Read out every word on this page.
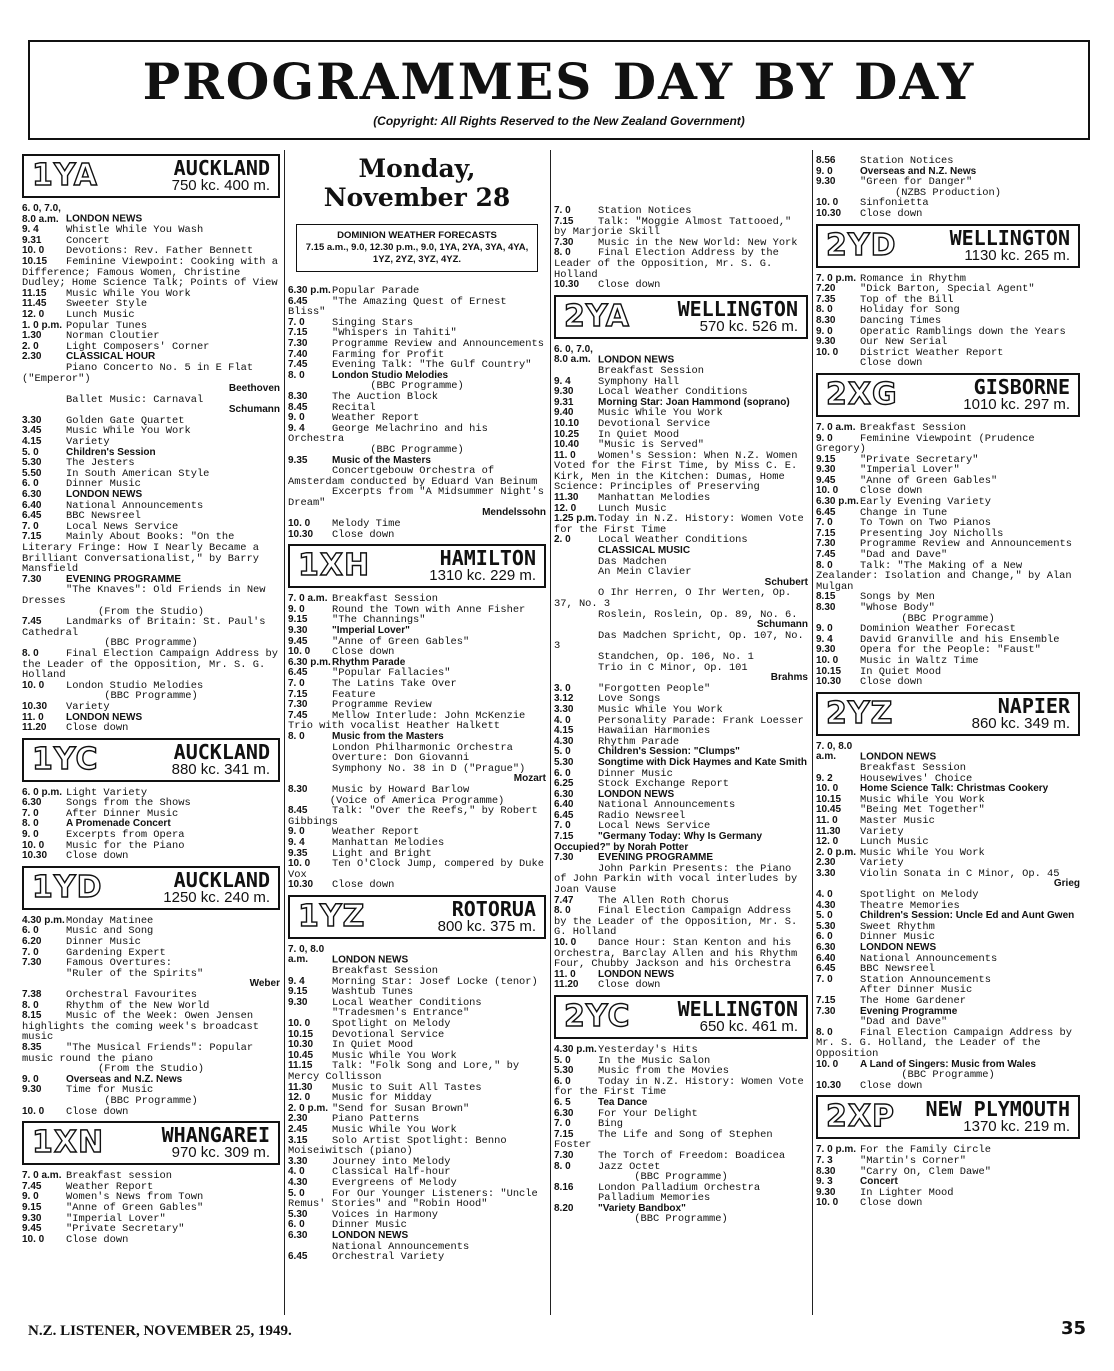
PROGRAMMES DAY BY DAY
(Copyright: All Rights Reserved to the New Zealand Government)
1YA	AUCKLAND
750 kc. 400 m.
6. 0, 7.0, 8.0 a.m. LONDON NEWS
9. 4	Whistle While You Wash
9.31 Concert
10. 0 Devotions: Rev. Father Bennett
10.15 Feminine Viewpoint: Cooking with a Difference; Famous Women, Christine Dudley; Home Science Talk; Points of View
11.15 Music While You Work
11.45 Sweeter Style
12. 0 Lunch Music
1. 0 p.m. Popular Tunes
1.30 Norman Cloutier
2. 0	Light Composers' Corner
2.30 CLASSICAL HOUR
Piano Concerto No. 5 in E Flat ("Emperor")
Beethoven
Ballet Music: Carnaval
Schumann
3.30 Golden Gate Quartet
3.45 Music While You Work
4.15 Variety
5. 0	Children's Session
5.30 The Jesters
5.50 In South American Style
6. 0	Dinner Music
6.30 LONDON NEWS
6.40 National Announcements
6.45 BBC Newsreel
7. 0	Local News Service
7.15 Mainly About Books: "On the Literary Fringe: How I Nearly Became a Brilliant Conversationalist," by Barry Mansfield
7.30 EVENING PROGRAMME
"The Knaves": Old Friends in New Dresses
(From the Studio)
7.45 Landmarks of Britain: St. Paul's Cathedral
(BBC Programme)
8. 0	Final Election Campaign Address by the Leader of the Opposition, Mr. S. G. Holland
10. 0 London Studio Melodies
(BBC Programme)
10.30 Variety
11. 0 LONDON NEWS
11.20 Close down
1YC	AUCKLAND
880 kc. 341 m.
6. 0 p.m. Light Variety
6.30 Songs from the Shows
7. 0	After Dinner Music
8. 0	A Promenade Concert
9. 0	Excerpts from Opera
10. 0 Music for the Piano
10.30 Close down
1YD	AUCKLAND
1250 kc. 240 m.
4.30 p.m.Monday Matinee
6. 0	Music and Song
6.20 Dinner Music
7. 0	Gardening Expert
7.30 Famous Overtures:
"Ruler of the Spirits"
Weber
7.38 Orchestral Favourites
8. 0	Rhythm of the New World
8.15 Music of the Week: Owen Jensen highlights the coming week's broadcast music
8.35 "The Musical Friends": Popular music round the piano
(From the Studio)
9. 0	Overseas and N.Z. News
9.30 Time for Music
(BBC Programme)
10. 0 Close down
1XN	WHANGAREI
970 kc. 309 m.
7. 0 a.m. Breakfast session
7.45 Weather Report
9. 0	Women's News from Town
9.15 "Anne of Green Gables"
9.30 "Imperial Lover"
9.45 "Private Secretary"
10. 0 Close down
Monday, November 28
DOMINION WEATHER FORECASTS
7.15 a.m., 9.0, 12.30 p.m., 9.0, 1YA, 2YA, 3YA, 4YA, 1YZ, 2YZ, 3YZ, 4YZ.
6.30 p.m.Popular Parade
6.45 "The Amazing Quest of Ernest Bliss"
7. 0	Singing Stars
7.15 "Whispers in Tahiti"
7.30 Programme Review and Announcements
7.40 Farming for Profit
7.45 Evening Talk: "The Gulf Country"
8. 0	London Studio Melodies
(BBC Programme)
8.30 The Auction Block
8.45 Recital
9. 0	Weather Report
9. 4	George Melachrino and his Orchestra
(BBC Programme)
9.35 Music of the Masters
Concertgebouw Orchestra of Amsterdam conducted by Eduard Van Beinum
Excerpts from "A Midsummer Night's Dream"
Mendelssohn
10. 0 Melody Time
10.30 Close down
1XH	HAMILTON
1310 kc. 229 m.
7. 0 a.m. Breakfast Session
9. 0	Round the Town with Anne Fisher
9.15 "The Channings"
9.30 "Imperial Lover"
9.45 "Anne of Green Gables"
10. 0 Close down
6.30 p.m.Rhythm Parade
6.45 "Popular Fallacies"
7. 0	The Latins Take Over
7.15 Feature
7.30 Programme Review
7.45 Mellow Interlude: John McKenzie Trio with vocalist Heather Halkett
8. 0	Music from the Masters
London Philharmonic Orchestra
Overture: Don Giovanni
Symphony No. 38 in D ("Prague")
Mozart
8.30 Music by Howard Barlow
(Voice of America Programme)
8.45 Talk: "Over the Reefs," by Robert Gibbings
9. 0	Weather Report
9. 4	Manhattan Melodies
9.35 Light and Bright
10. 0 Ten O'Clock Jump, compered by Duke Vox
10.30 Close down
1YZ	ROTORUA
800 kc. 375 m.
7. 0, 8.0 a.m. LONDON NEWS
Breakfast Session
9. 4	Morning Star: Josef Locke (tenor)
9.15 Washtub Tunes
9.30 Local Weather Conditions
"Tradesmen's Entrance"
10. 0 Spotlight on Melody
10.15 Devotional Service
10.30 In Quiet Mood
10.45 Music While You Work
11.15 Talk: "Folk Song and Lore," by Mercy Collisson
11.30 Music to Suit All Tastes
12. 0 Music for Midday
2. 0 p.m. "Send for Susan Brown"
2.30 Piano Patterns
2.45 Music While You Work
3.15 Solo Artist Spotlight: Benno Moiseiwitsch (piano)
3.30 Journey into Melody
4. 0	Classical Half-hour
4.30 Evergreens of Melody
5. 0	For Our Younger Listeners: "Uncle Remus' Stories" and "Robin Hood"
5.30 Voices in Harmony
6. 0	Dinner Music
6.30 LONDON NEWS
National Announcements
6.45 Orchestral Variety
7. 0	Station Notices
7.15 Talk: "Moggie Almost Tattooed," by Marjorie Skill
7.30 Music in the New World: New York
8. 0	Final Election Address by the Leader of the Opposition, Mr. S. G. Holland
10.30 Close down
2YA WELLINGTON
570 kc. 526 m.
6. 0, 7.0, 8.0 a.m. LONDON NEWS
Breakfast Session
9. 4	Symphony Hall
9.30 Local Weather Conditions
9.31 Morning Star: Joan Hammond (soprano)
9.40 Music While You Work
10.10 Devotional Service
10.25 In Quiet Mood
10.40 "Music is Served"
11. 0 Women's Session: When N.Z. Women Voted for the First Time, by Miss C. E. Kirk, Men in the Kitchen: Dumas, Home Science: Principles of Preserving
11.30 Manhattan Melodies
12. 0 Lunch Music
1.25 p.m.Today in N.Z. History: Women Vote for the First Time
2. 0	Local Weather Conditions
CLASSICAL MUSIC
Das Madchen
An Mein Clavier
Schubert
O Ihr Herren, O Ihr Werten, Op. 37, No. 3
Roslein, Roslein, Op. 89, No. 6.
Schumann
Das Madchen Spricht, Op. 107, No. 3
Standchen, Op. 106, No. 1
Trio in C Minor, Op. 101
Brahms
3. 0	"Forgotten People"
3.12 Love Songs
3.30 Music While You Work
4. 0	Personality Parade: Frank Loesser
4.15 Hawaiian Harmonies
4.30 Rhythm Parade
5. 0	Children's Session: "Clumps"
5.30 Songtime with Dick Haymes and Kate Smith
6. 0	Dinner Music
6.25 Stock Exchange Report
6.30 LONDON NEWS
6.40 National Announcements
6.45 Radio Newsreel
7. 0	Local News Service
7.15 "Germany Today: Why Is Germany Occupied?" by Norah Potter
7.30 EVENING PROGRAMME
John Parkin Presents: the Piano of John Parkin with vocal interludes by Joan Vause
7.47 The Allen Roth Chorus
8. 0	Final Election Campaign Address by the Leader of the Opposition, Mr. S. G. Holland
10. 0 Dance Hour: Stan Kenton and his Orchestra, Barclay Allen and his Rhythm Four, Chubby Jackson and his Orchestra
11. 0 LONDON NEWS
11.20 Close down
2YC WELLINGTON
650 kc. 461 m.
4.30 p.m.Yesterday's Hits
5. 0	In the Music Salon
5.30 Music from the Movies
6. 0	Today in N.Z. History: Women Vote for the First Time
6. 5	Tea Dance
6.30 For Your Delight
7. 0	Bing
7.15 The Life and Song of Stephen Foster
7.30 The Torch of Freedom: Boadicea
8. 0	Jazz Octet
(BBC Programme)
8.16 London Palladium Orchestra
Palladium Memories
8.20 "Variety Bandbox"
(BBC Programme)
8.56 Station Notices
9. 0	Overseas and N.Z. News
9.30 "Green for Danger"
(NZBS Production)
10. 0 Sinfonietta
10.30 Close down
2YD	WELLINGTON
1130 kc. 265 m.
7. 0 p.m. Romance in Rhythm
7.20 "Dick Barton, Special Agent"
7.35 Top of the Bill
8. 0	Holiday for Song
8.30 Dancing Times
9. 0	Operatic Ramblings down the Years
9.30 Our New Serial
10. 0 District Weather Report
Close down
2XG	GISBORNE
1010 kc. 297 m.
7. 0 a.m. Breakfast Session
9. 0	Feminine Viewpoint (Prudence Gregory)
9.15 "Private Secretary"
9.30 "Imperial Lover"
9.45 "Anne of Green Gables"
10. 0 Close down
6.30 p.m.Early Evening Variety
6.45 Change in Tune
7. 0	To Town on Two Pianos
7.15 Presenting Joy Nicholls
7.30 Programme Review and Announcements
7.45 "Dad and Dave"
8. 0	Talk: "The Making of a New Zealander: Isolation and Change," by Alan Mulgan
8.15 Songs by Men
8.30 "Whose Body"
(BBC Programme)
9. 0	Dominion Weather Forecast
9. 4	David Granville and his Ensemble
9.30 Opera for the People: "Faust"
10. 0 Music in Waltz Time
10.15 In Quiet Mood
10.30 Close down
2YZ	NAPIER
860 kc. 349 m.
7. 0, 8.0 a.m. LONDON NEWS
Breakfast Session
9. 2	Housewives' Choice
10. 0 Home Science Talk: Christmas Cookery
10.15 Music While You Work
10.45 "Being Met Together"
11. 0 Master Music
11.30 Variety
12. 0 Lunch Music
2. 0 p.m. Music While You Work
2.30 Variety
3.30 Violin Sonata in C Minor, Op. 45
Grieg
4. 0	Spotlight on Melody
4.30 Theatre Memories
5. 0	Children's Session: Uncle Ed and Aunt Gwen
5.30 Sweet Rhythm
6. 0	Dinner Music
6.30 LONDON NEWS
6.40 National Announcements
6.45 BBC Newsreel
7. 0	Station Announcements
After Dinner Music
7.15 The Home Gardener
7.30 Evening Programme
"Dad and Dave"
8. 0	Final Election Campaign Address by Mr. S. G. Holland, the Leader of the Opposition
10. 0 A Land of Singers: Music from Wales
(BBC Programme)
10.30 Close down
2XP NEW PLYMOUTH
1370 kc. 219 m.
7. 0 p.m. For the Family Circle
7. 3	"Martin's Corner"
8.30 "Carry On, Clem Dawe"
9. 3	Concert
9.30 In Lighter Mood
10. 0 Close down
N.Z. LISTENER, NOVEMBER 25, 1949.	35
